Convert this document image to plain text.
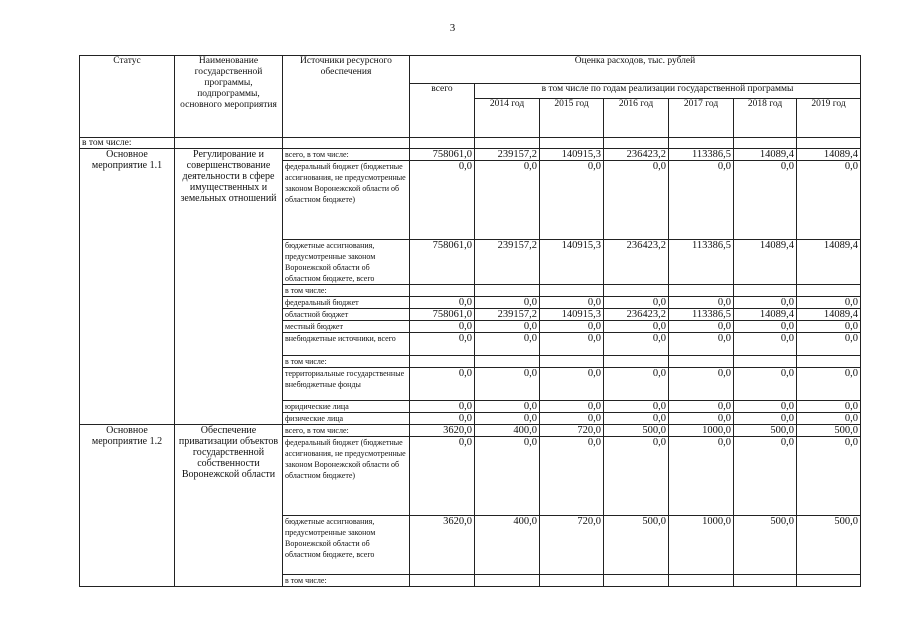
3
Статус	Наименование государственной программы, подпрограммы, основного мероприятия	Источники ресурсного обеспечения	Оценка расходов, тыс. рублей						
			всего	в том числе по годам реализации государственной программы					
				2014 год	2015 год	2016 год	2017 год	2018 год	2019 год
в том числе:									
Основное мероприятие 1.1	Регулирование и совершенствование деятельности в сфере имущественных и земельных отношений	всего, в том числе:	758061,0	239157,2	140915,3	236423,2	113386,5	14089,4	14089,4
		федеральный бюджет (бюджетные ассигнования, не предусмотренные законом Воронежской области об областном бюджете)	0,0	0,0	0,0	0,0	0,0	0,0	0,0
		бюджетные ассигнования, предусмотренные законом Воронежской области об областном бюджете, всего	758061,0	239157,2	140915,3	236423,2	113386,5	14089,4	14089,4
		в том числе:							
		федеральный бюджет	0,0	0,0	0,0	0,0	0,0	0,0	0,0
		областной бюджет	758061,0	239157,2	140915,3	236423,2	113386,5	14089,4	14089,4
		местный бюджет	0,0	0,0	0,0	0,0	0,0	0,0	0,0
		внебюджетные источники, всего	0,0	0,0	0,0	0,0	0,0	0,0	0,0
		в том числе:							
		территориальные государственные внебюджетные фонды	0,0	0,0	0,0	0,0	0,0	0,0	0,0
		юридические лица	0,0	0,0	0,0	0,0	0,0	0,0	0,0
		физические лица	0,0	0,0	0,0	0,0	0,0	0,0	0,0
Основное мероприятие 1.2	Обеспечение приватизации объектов государственной собственности Воронежской области	всего, в том числе:	3620,0	400,0	720,0	500,0	1000,0	500,0	500,0
		федеральный бюджет (бюджетные ассигнования, не предусмотренные законом Воронежской области об областном бюджете)	0,0	0,0	0,0	0,0	0,0	0,0	0,0
		бюджетные ассигнования, предусмотренные законом Воронежской области об областном бюджете, всего	3620,0	400,0	720,0	500,0	1000,0	500,0	500,0
		в том числе:							
